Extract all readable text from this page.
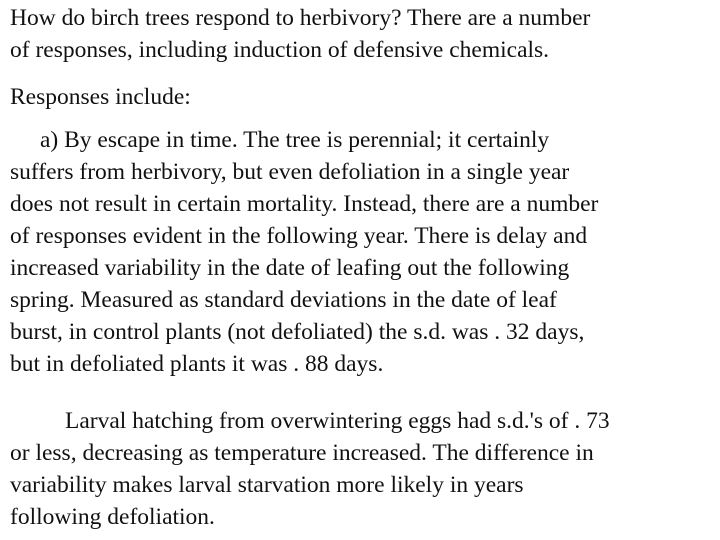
How do birch trees respond to herbivory? There are a number
of responses, including induction of defensive chemicals.

Responses include:

a) By escape in time. The tree is perennial; it certainly
suffers from herbivory, but even defoliation in a single year
does not result in certain mortality. Instead, there are a number
of responses evident in the following year. There is delay and
increased variability in the date of leafing out the following
spring. Measured as standard deviations in the date of leaf
burst, in control plants (not defoliated) the s.d. was . 32 days,
but in defoliated plants it was . 88 days.

Larval hatching from overwintering eggs had s.d.'s of . 73
or less, decreasing as temperature increased. The difference in
variability makes larval starvation more likely in years
following defoliation.
